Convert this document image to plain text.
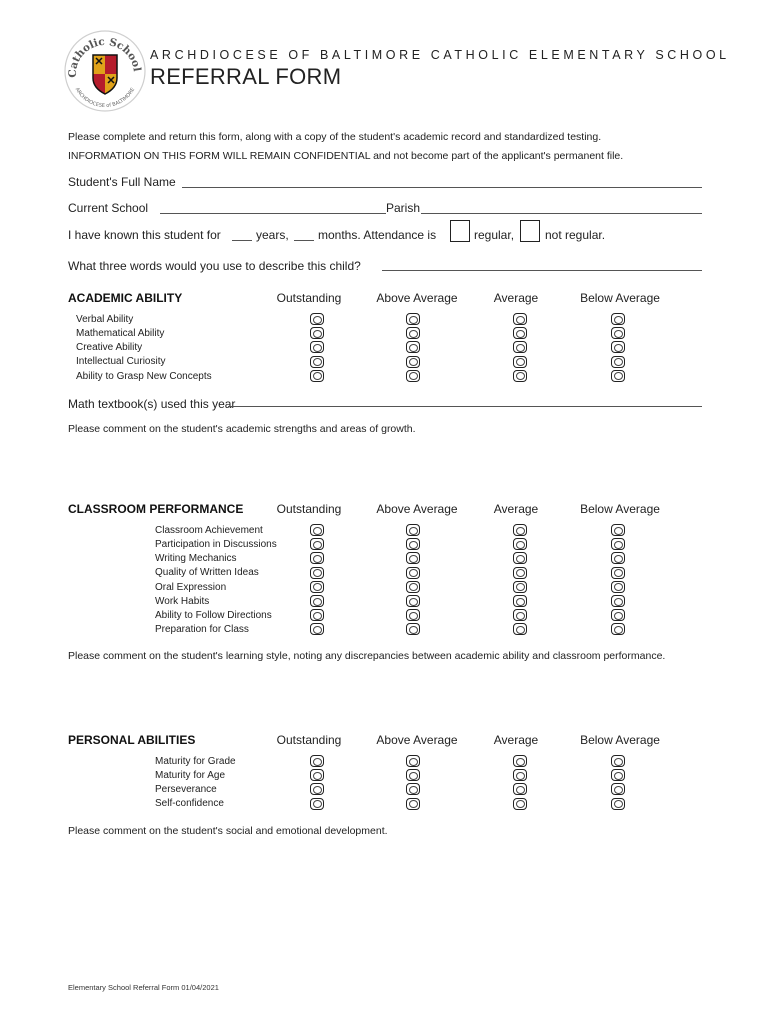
Catholic School
ARCHDIOCESE of BALTIMORE
ARCHDIOCESE OF BALTIMORE CATHOLIC ELEMENTARY SCHOOL
REFERRAL FORM
Please complete and return this form, along with a copy of the student's academic record and standardized testing.
INFORMATION ON THIS FORM WILL REMAIN CONFIDENTIAL and not become part of the applicant's permanent file.
Student's Full Name
Current School	Parish
I have known this student for	years, months. Attendance is	regular,	not regular.
What three words would you use to describe this child?
ACADEMIC ABILITY	Outstanding	Above Average	Average	Below Average
Verbal Ability
Mathematical Ability
Creative Ability
Intellectual Curiosity
Ability to Grasp New Concepts
Math textbook(s) used this year
Please comment on the student's academic strengths and areas of growth.
CLASSROOM PERFORMANCE	Outstanding	Above Average	Average	Below Average
Classroom Achievement
Participation in Discussions
Writing Mechanics
Quality of Written Ideas
Oral Expression
Work Habits
Ability to Follow Directions
Preparation for Class
Please comment on the student's learning style, noting any discrepancies between academic ability and classroom performance.
PERSONAL ABILITIES	Outstanding	Above Average	Average	Below Average
Maturity for Grade
Maturity for Age
Perseverance
Self-confidence
Please comment on the student's social and emotional development.
Elementary School Referral Form 01/04/2021
